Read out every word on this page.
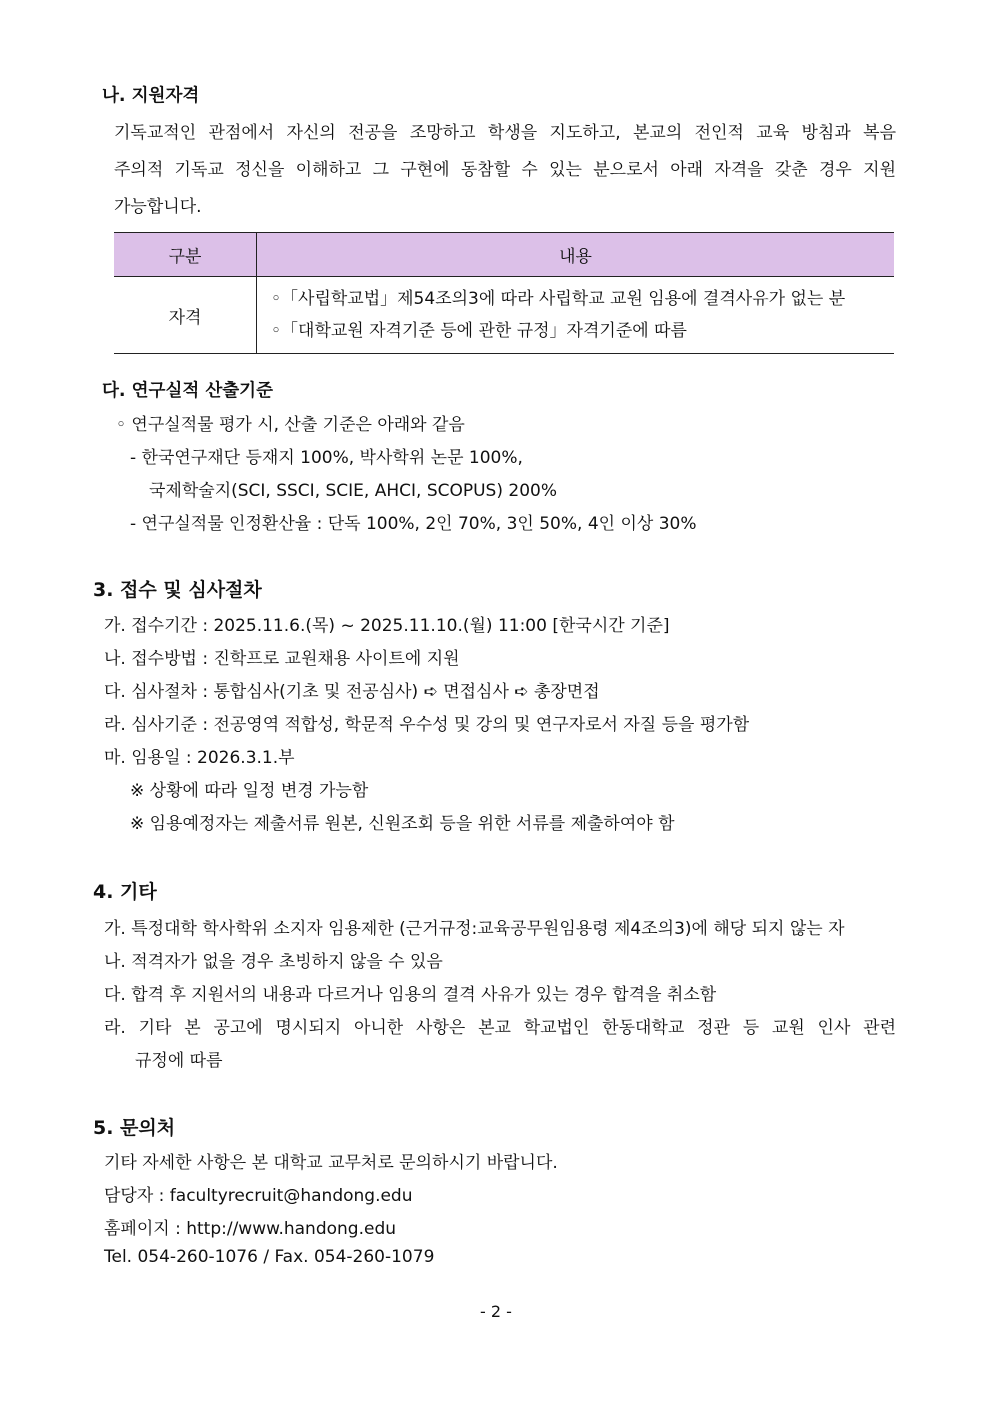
나. 지원자격
기독교적인 관점에서 자신의 전공을 조망하고 학생을 지도하고, 본교의 전인적 교육 방침과 복음
주의적 기독교 정신을 이해하고 그 구현에 동참할 수 있는 분으로서 아래 자격을 갖춘 경우 지원
가능합니다.
구분	내용
자격	◦「사립학교법」제54조의3에 따라 사립학교 교원 임용에 결격사유가 없는 분
◦「대학교원 자격기준 등에 관한 규정」자격기준에 따름
다. 연구실적 산출기준
◦ 연구실적물 평가 시, 산출 기준은 아래와 같음
- 한국연구재단 등재지 100%, 박사학위 논문 100%,
국제학술지(SCI, SSCI, SCIE, AHCI, SCOPUS) 200%
- 연구실적물 인정환산율 : 단독 100%, 2인 70%, 3인 50%, 4인 이상 30%
3. 접수 및 심사절차
가. 접수기간 : 2025.11.6.(목) ~ 2025.11.10.(월) 11:00 [한국시간 기준]
나. 접수방법 : 진학프로 교원채용 사이트에 지원
다. 심사절차 : 통합심사(기초 및 전공심사) ➪ 면접심사 ➪ 총장면접
라. 심사기준 : 전공영역 적합성, 학문적 우수성 및 강의 및 연구자로서 자질 등을 평가함
마. 임용일 : 2026.3.1.부
※ 상황에 따라 일정 변경 가능함
※ 임용예정자는 제출서류 원본, 신원조회 등을 위한 서류를 제출하여야 함
4. 기타
가. 특정대학 학사학위 소지자 임용제한 (근거규정:교육공무원임용령 제4조의3)에 해당 되지 않는 자
나. 적격자가 없을 경우 초빙하지 않을 수 있음
다. 합격 후 지원서의 내용과 다르거나 임용의 결격 사유가 있는 경우 합격을 취소함
라. 기타 본 공고에 명시되지 아니한 사항은 본교 학교법인 한동대학교 정관 등 교원 인사 관련
규정에 따름
5. 문의처
기타 자세한 사항은 본 대학교 교무처로 문의하시기 바랍니다.
담당자 : facultyrecruit@handong.edu
홈페이지 : http://www.handong.edu
Tel. 054-260-1076 / Fax. 054-260-1079
- 2 -
